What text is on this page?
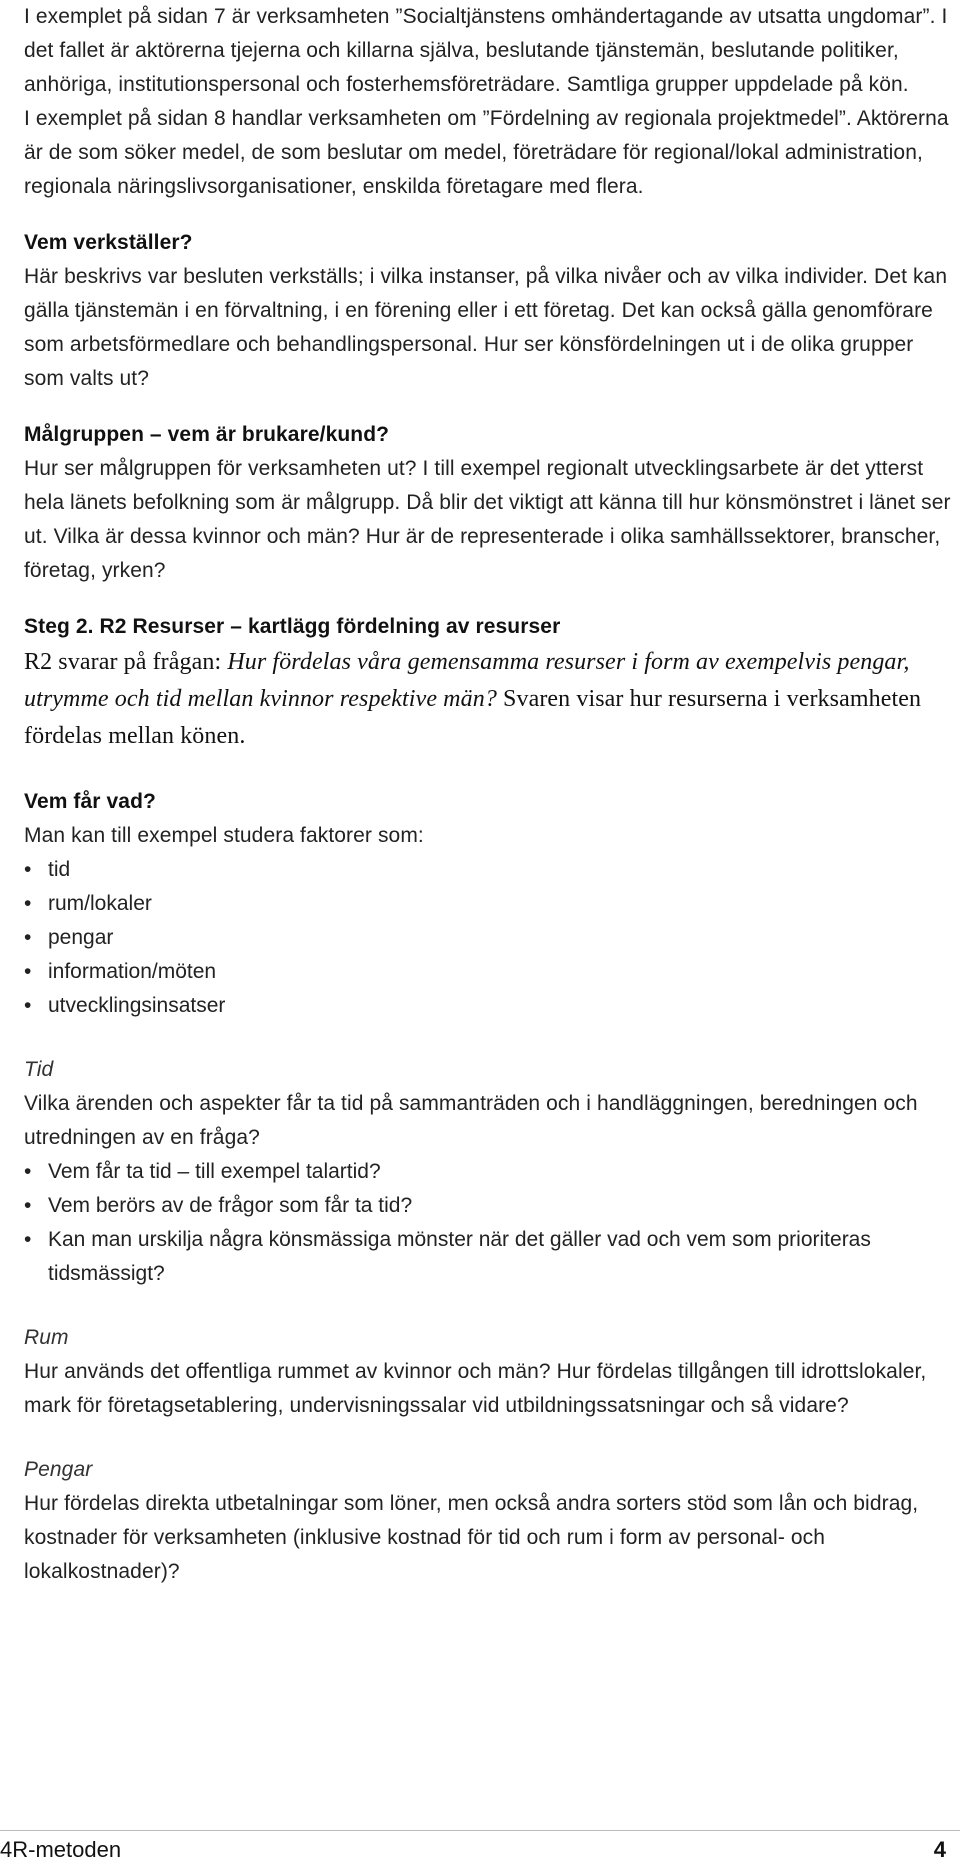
I exemplet på sidan 7 är verksamheten ”Socialtjänstens omhändertagande av utsatta ungdomar”. I det fallet är aktörerna tjejerna och killarna själva, beslutande tjänstemän, beslutande politiker, anhöriga, institutionspersonal och fosterhemsföreträdare. Samtliga grupper uppdelade på kön.

I exemplet på sidan 8 handlar verksamheten om ”Fördelning av regionala projektmedel”. Aktörerna är de som söker medel, de som beslutar om medel, företrädare för regional/lokal administration, regionala näringslivsorganisationer, enskilda företagare med flera.

Vem verkställer?

Här beskrivs var besluten verkställs; i vilka instanser, på vilka nivåer och av vilka individer. Det kan gälla tjänstemän i en förvaltning, i en förening eller i ett företag. Det kan också gälla genomförare som arbetsförmedlare och behandlingspersonal. Hur ser könsfördelningen ut i de olika grupper som valts ut?

Målgruppen – vem är brukare/kund?

Hur ser målgruppen för verksamheten ut? I till exempel regionalt utvecklingsarbete är det ytterst hela länets befolkning som är målgrupp. Då blir det viktigt att känna till hur könsmönstret i länet ser ut. Vilka är dessa kvinnor och män? Hur är de representerade i olika samhällssektorer, branscher, företag, yrken?

Steg 2. R2 Resurser – kartlägg fördelning av resurser

R2 svarar på frågan: Hur fördelas våra gemensamma resurser i form av exempelvis pengar, utrymme och tid mellan kvinnor respektive män? Svaren visar hur resurserna i verksamheten fördelas mellan könen.

Vem får vad?

Man kan till exempel studera faktorer som:

• tid
• rum/lokaler
• pengar
• information/möten
• utvecklingsinsatser

Tid

Vilka ärenden och aspekter får ta tid på sammanträden och i handläggningen, beredningen och utredningen av en fråga?

• Vem får ta tid – till exempel talartid?
• Vem berörs av de frågor som får ta tid?
• Kan man urskilja några könsmässiga mönster när det gäller vad och vem som prioriteras tidsmässigt?

Rum

Hur används det offentliga rummet av kvinnor och män? Hur fördelas tillgången till idrottslokaler, mark för företagsetablering, undervisningssalar vid utbildningssatsningar och så vidare?

Pengar

Hur fördelas direkta utbetalningar som löner, men också andra sorters stöd som lån och bidrag, kostnader för verksamheten (inklusive kostnad för tid och rum i form av personal- och lokalkostnader)?

4R-metoden	4
